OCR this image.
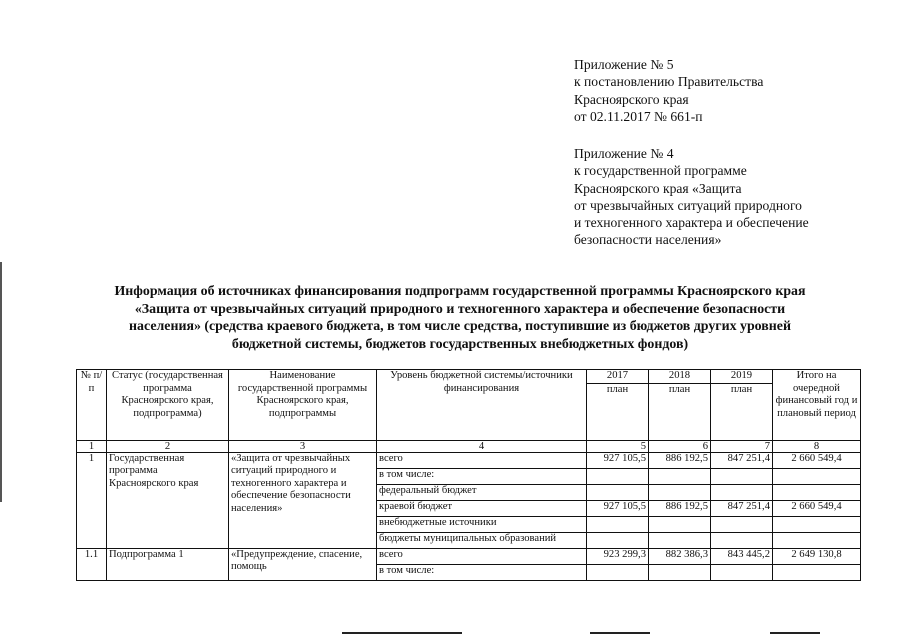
Приложение № 5
к постановлению Правительства
Красноярского края
от 02.11.2017 № 661-п
Приложение № 4
к государственной программе
Красноярского края «Защита
от чрезвычайных ситуаций природного
и техногенного характера и обеспечение
безопасности населения»
Информация об источниках финансирования подпрограмм государственной программы Красноярского края
«Защита от чрезвычайных ситуаций природного и техногенного характера и обеспечение безопасности
населения» (средства краевого бюджета, в том числе средства, поступившие из бюджетов других уровней
бюджетной системы, бюджетов государственных внебюджетных фондов)
№ п/п	Статус (государственная программа Красноярского края, подпрограмма)	Наименование государственной программы Красноярского края, подпрограммы	Уровень бюджетной системы/источники финансирования	2017	2018	2019	Итого на очередной финансовый год и плановый период
				план	план	план	
1	2	3	4	5	6	7	8
1	Государственная программа Красноярского края	«Защита от чрезвычайных ситуаций природного и техногенного характера и обеспечение безопасности населения»	всего	927 105,5	886 192,5	847 251,4	2 660 549,4
			в том числе:				
			федеральный бюджет				
			краевой бюджет	927 105,5	886 192,5	847 251,4	2 660 549,4
			внебюджетные источники				
			бюджеты муниципальных образований				
1.1	Подпрограмма 1	«Предупреждение, спасение, помощь	всего	923 299,3	882 386,3	843 445,2	2 649 130,8
			в том числе:				
